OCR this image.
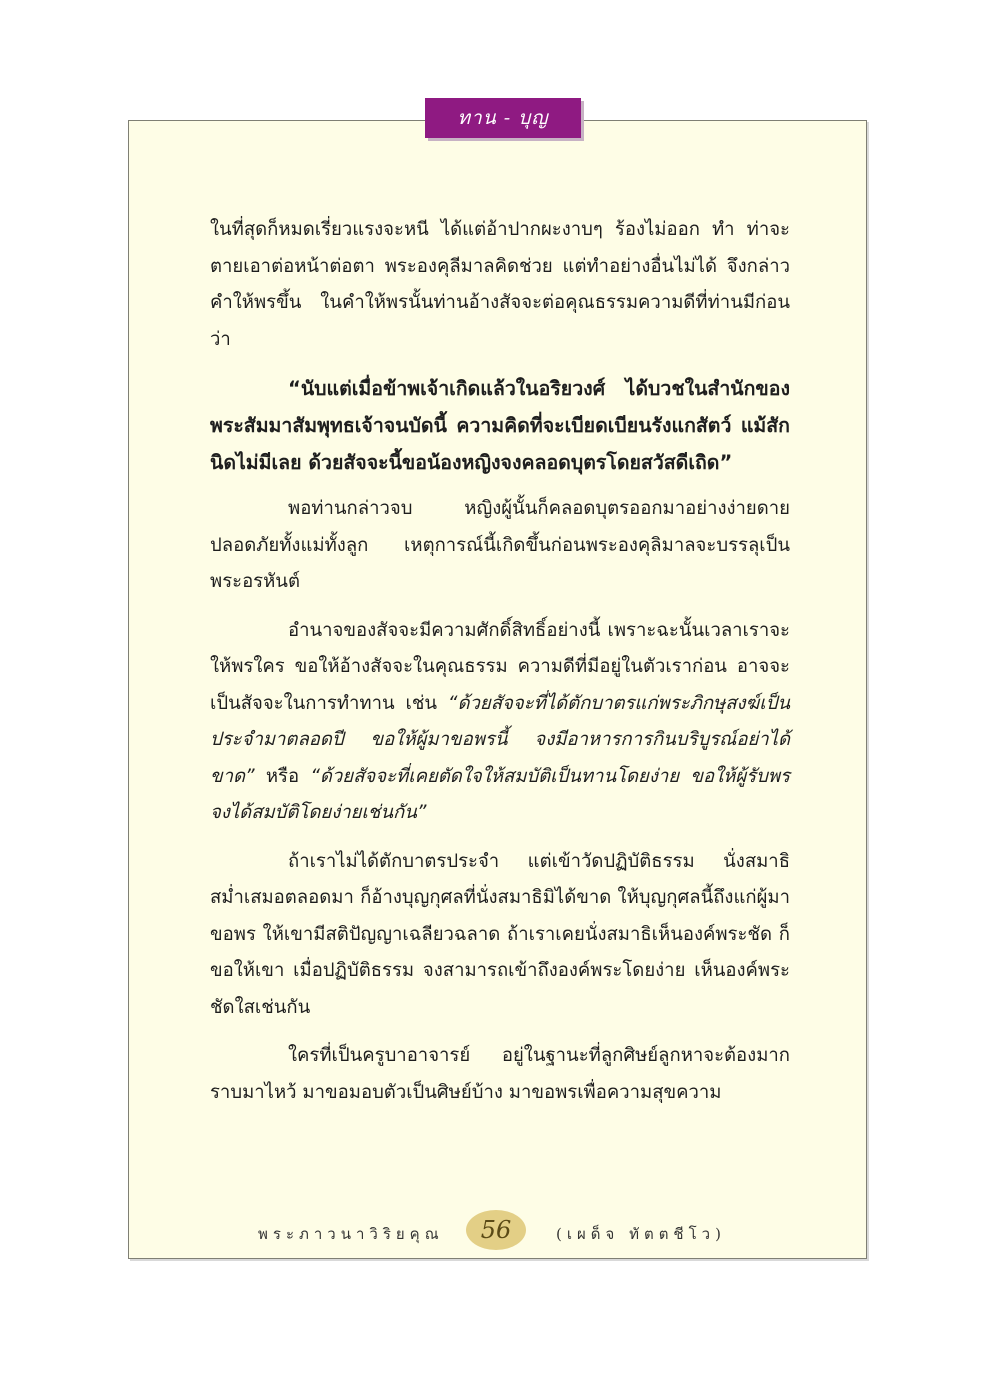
ทาน - บุญ

ในที่สุดก็หมดเรี่ยวแรงจะหนี ได้แต่อ้าปากผะงาบๆ ร้องไม่ออก ทำ ท่าจะตายเอาต่อหน้าต่อตา พระองคุลีมาลคิดช่วย แต่ทำอย่างอื่นไม่ได้ จึงกล่าวคำให้พรขึ้น ในคำให้พรนั้นท่านอ้างสัจจะต่อคุณธรรมความดีที่ท่านมีก่อนว่า

“นับแต่เมื่อข้าพเจ้าเกิดแล้วในอริยวงศ์ ได้บวชในสำนักของพระสัมมาสัมพุทธเจ้าจนบัดนี้ ความคิดที่จะเบียดเบียนรังแกสัตว์ แม้สักนิดไม่มีเลย ด้วยสัจจะนี้ขอน้องหญิงจงคลอดบุตรโดยสวัสดีเถิด”

พอท่านกล่าวจบ หญิงผู้นั้นก็คลอดบุตรออกมาอย่างง่ายดาย ปลอดภัยทั้งแม่ทั้งลูก เหตุการณ์นี้เกิดขึ้นก่อนพระองคุลิมาลจะบรรลุเป็นพระอรหันต์

อำนาจของสัจจะมีความศักดิ์สิทธิ์อย่างนี้ เพราะฉะนั้นเวลาเราจะให้พรใคร ขอให้อ้างสัจจะในคุณธรรม ความดีที่มีอยู่ในตัวเราก่อน อาจจะเป็นสัจจะในการทำทาน เช่น “ด้วยสัจจะที่ได้ตักบาตรแก่พระภิกษุสงฆ์เป็นประจำมาตลอดปี ขอให้ผู้มาขอพรนี้ จงมีอาหารการกินบริบูรณ์อย่าได้ขาด” หรือ “ด้วยสัจจะที่เคยตัดใจให้สมบัติเป็นทานโดยง่าย ขอให้ผู้รับพร จงได้สมบัติโดยง่ายเช่นกัน”

ถ้าเราไม่ได้ตักบาตรประจำ แต่เข้าวัดปฏิบัติธรรม นั่งสมาธิสม่ำเสมอตลอดมา ก็อ้างบุญกุศลที่นั่งสมาธิมิได้ขาด ให้บุญกุศลนี้ถึงแก่ผู้มาขอพร ให้เขามีสติปัญญาเฉลียวฉลาด ถ้าเราเคยนั่งสมาธิเห็นองค์พระชัด ก็ขอให้เขา เมื่อปฏิบัติธรรม จงสามารถเข้าถึงองค์พระโดยง่าย เห็นองค์พระชัดใสเช่นกัน

ใครที่เป็นครูบาอาจารย์ อยู่ในฐานะที่ลูกศิษย์ลูกหาจะต้องมากราบมาไหว้ มาขอมอบตัวเป็นศิษย์บ้าง มาขอพรเพื่อความสุขความ

พระภาวนาวิริยคุณ	56	(เผด็จ ทัตตชีโว)
